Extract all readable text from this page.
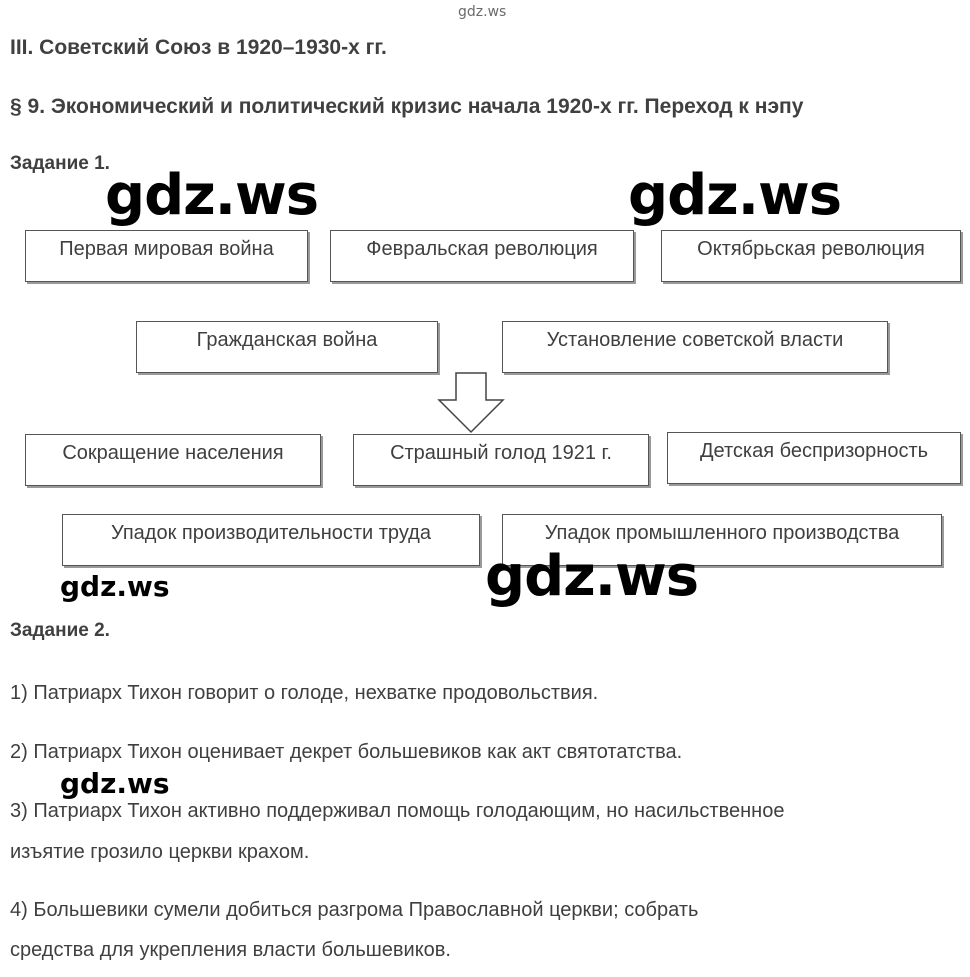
gdz.ws
III. Советский Союз в 1920–1930-х гг.
§ 9. Экономический и политический кризис начала 1920-х гг. Переход к нэпу
Задание 1.
Первая мировая война	Февральская революция	Октябрьская революция
Гражданская война	Установление советской власти
Сокращение населения	Страшный голод 1921 г.	Детская беспризорность
Упадок производительности труда	Упадок промышленного производства
gdz.ws	gdz.ws
gdz.ws
gdz.ws
Задание 2.
1) Патриарх Тихон говорит о голоде, нехватке продовольствия.
2) Патриарх Тихон оценивает декрет большевиков как акт святотатства.
gdz.ws
3) Патриарх Тихон активно поддерживал помощь голодающим, но насильственное
изъятие грозило церкви крахом.
4) Большевики сумели добиться разгрома Православной церкви; собрать
средства для укрепления власти большевиков.
